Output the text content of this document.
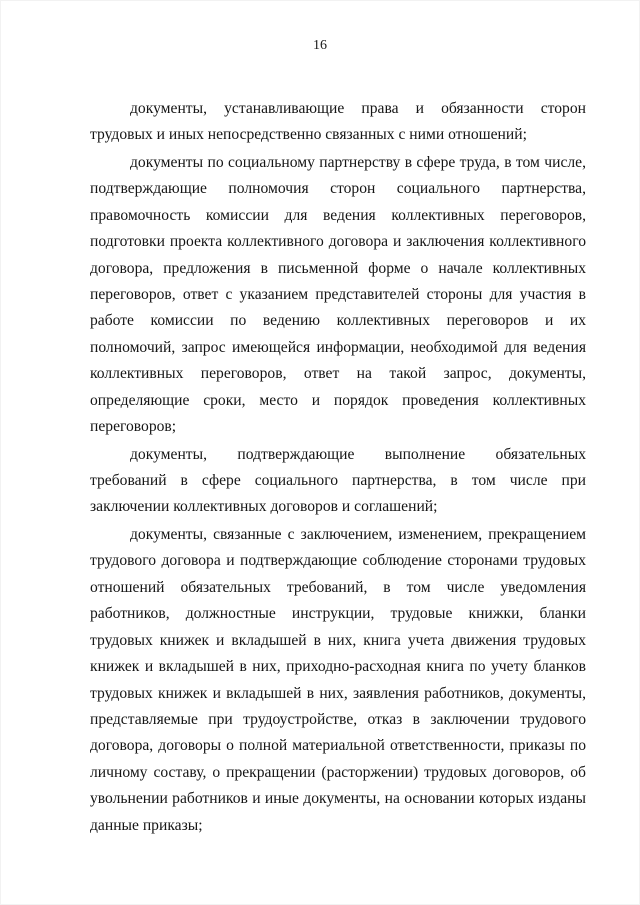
16

документы, устанавливающие права и обязанности сторон трудовых и иных непосредственно связанных с ними отношений;

документы по социальному партнерству в сфере труда, в том числе, подтверждающие полномочия сторон социального партнерства, правомочность комиссии для ведения коллективных переговоров, подготовки проекта коллективного договора и заключения коллективного договора, предложения в письменной форме о начале коллективных переговоров, ответ с указанием представителей стороны для участия в работе комиссии по ведению коллективных переговоров и их полномочий, запрос имеющейся информации, необходимой для ведения коллективных переговоров, ответ на такой запрос, документы, определяющие сроки, место и порядок проведения коллективных переговоров;

документы, подтверждающие выполнение обязательных требований в сфере социального партнерства, в том числе при заключении коллективных договоров и соглашений;

документы, связанные с заключением, изменением, прекращением трудового договора и подтверждающие соблюдение сторонами трудовых отношений обязательных требований, в том числе уведомления работников, должностные инструкции, трудовые книжки, бланки трудовых книжек и вкладышей в них, книга учета движения трудовых книжек и вкладышей в них, приходно-расходная книга по учету бланков трудовых книжек и вкладышей в них, заявления работников, документы, представляемые при трудоустройстве, отказ в заключении трудового договора, договоры о полной материальной ответственности, приказы по личному составу, о прекращении (расторжении) трудовых договоров, об увольнении работников и иные документы, на основании которых изданы данные приказы;
